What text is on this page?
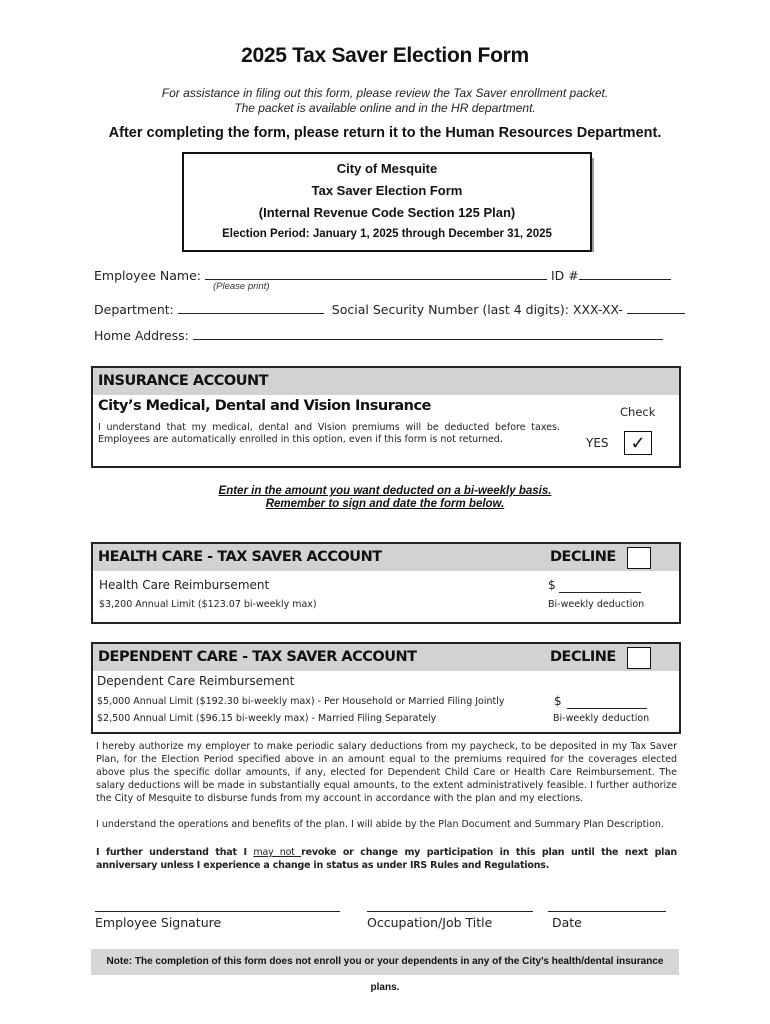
2025 Tax Saver Election Form
For assistance in filing out this form, please review the Tax Saver enrollment packet.
The packet is available online and in the HR department.
After completing the form, please return it to the Human Resources Department.
City of Mesquite
Tax Saver Election Form
(Internal Revenue Code Section 125 Plan)
Election Period: January 1, 2025 through December 31, 2025
Employee Name:	ID #
(Please print)
Department:	Social Security Number (last 4 digits): XXX-XX-
Home Address:
INSURANCE ACCOUNT
City’s Medical, Dental and Vision Insurance	Check
I understand that my medical, dental and Vision premiums will be deducted before taxes. Employees are automatically enrolled in this option, even if this form is not returned.	YES	✓
Enter in the amount you want deducted on a bi-weekly basis.
Remember to sign and date the form below.
HEALTH CARE - TAX SAVER ACCOUNT	DECLINE
Health Care Reimbursement
$3,200 Annual Limit ($123.07 bi-weekly max)
$
Bi-weekly deduction
DEPENDENT CARE - TAX SAVER ACCOUNT	DECLINE
Dependent Care Reimbursement
$5,000 Annual Limit ($192.30 bi-weekly max) - Per Household or Married Filing Jointly
$2,500 Annual Limit ($96.15 bi-weekly max) - Married Filing Separately
$
Bi-weekly deduction
I hereby authorize my employer to make periodic salary deductions from my paycheck, to be deposited in my Tax Saver Plan, for the Election Period specified above in an amount equal to the premiums required for the coverages elected above plus the specific dollar amounts, if any, elected for Dependent Child Care or Health Care Reimbursement. The salary deductions will be made in substantially equal amounts, to the extent administratively feasible. I further authorize the City of Mesquite to disburse funds from my account in accordance with the plan and my elections.
I understand the operations and benefits of the plan. I will abide by the Plan Document and Summary Plan Description.
I further understand that I may not revoke or change my participation in this plan until the next plan anniversary unless I experience a change in status as under IRS Rules and Regulations.
Employee Signature	Occupation/Job Title	Date
Note: The completion of this form does not enroll you or your dependents in any of the City’s health/dental insurance plans.
